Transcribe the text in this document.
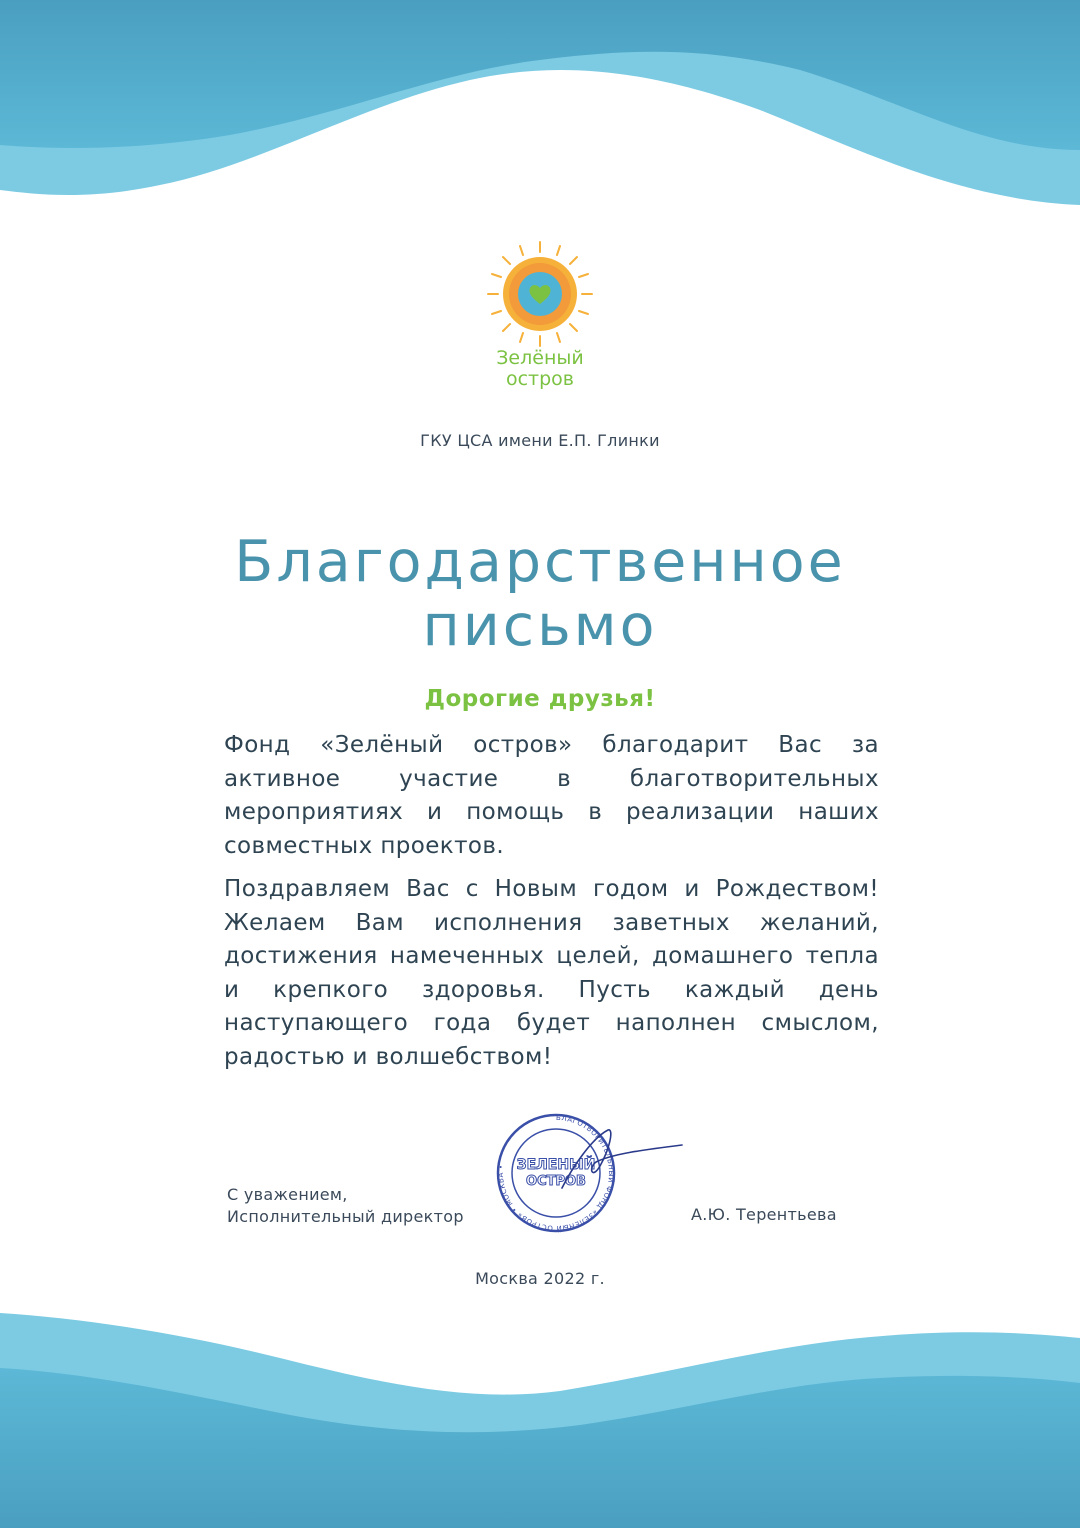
Зелёный
остров
ГКУ ЦСА имени Е.П. Глинки
Благодарственное
письмо
Дорогие друзья!

Фонд «Зелёный остров» благодарит Вас за активное участие в благотворительных мероприятиях и помощь в реализации наших совместных проектов.

Поздравляем Вас с Новым годом и Рождеством! Желаем Вам исполнения заветных желаний, достижения намеченных целей, домашнего тепла и крепкого здоровья. Пусть каждый день наступающего года будет наполнен смыслом, радостью и волшебством!

С уважением,
Исполнительный директор
БЛАГОТВОРИТЕЛЬНЫЙ ФОНД «ЗЕЛЕНЫЙ ОСТРОВ» • МОСКВА • ЗЕЛЕНЫЙ
ОСТРОВ
А.Ю. Терентьева
Москва 2022 г.
